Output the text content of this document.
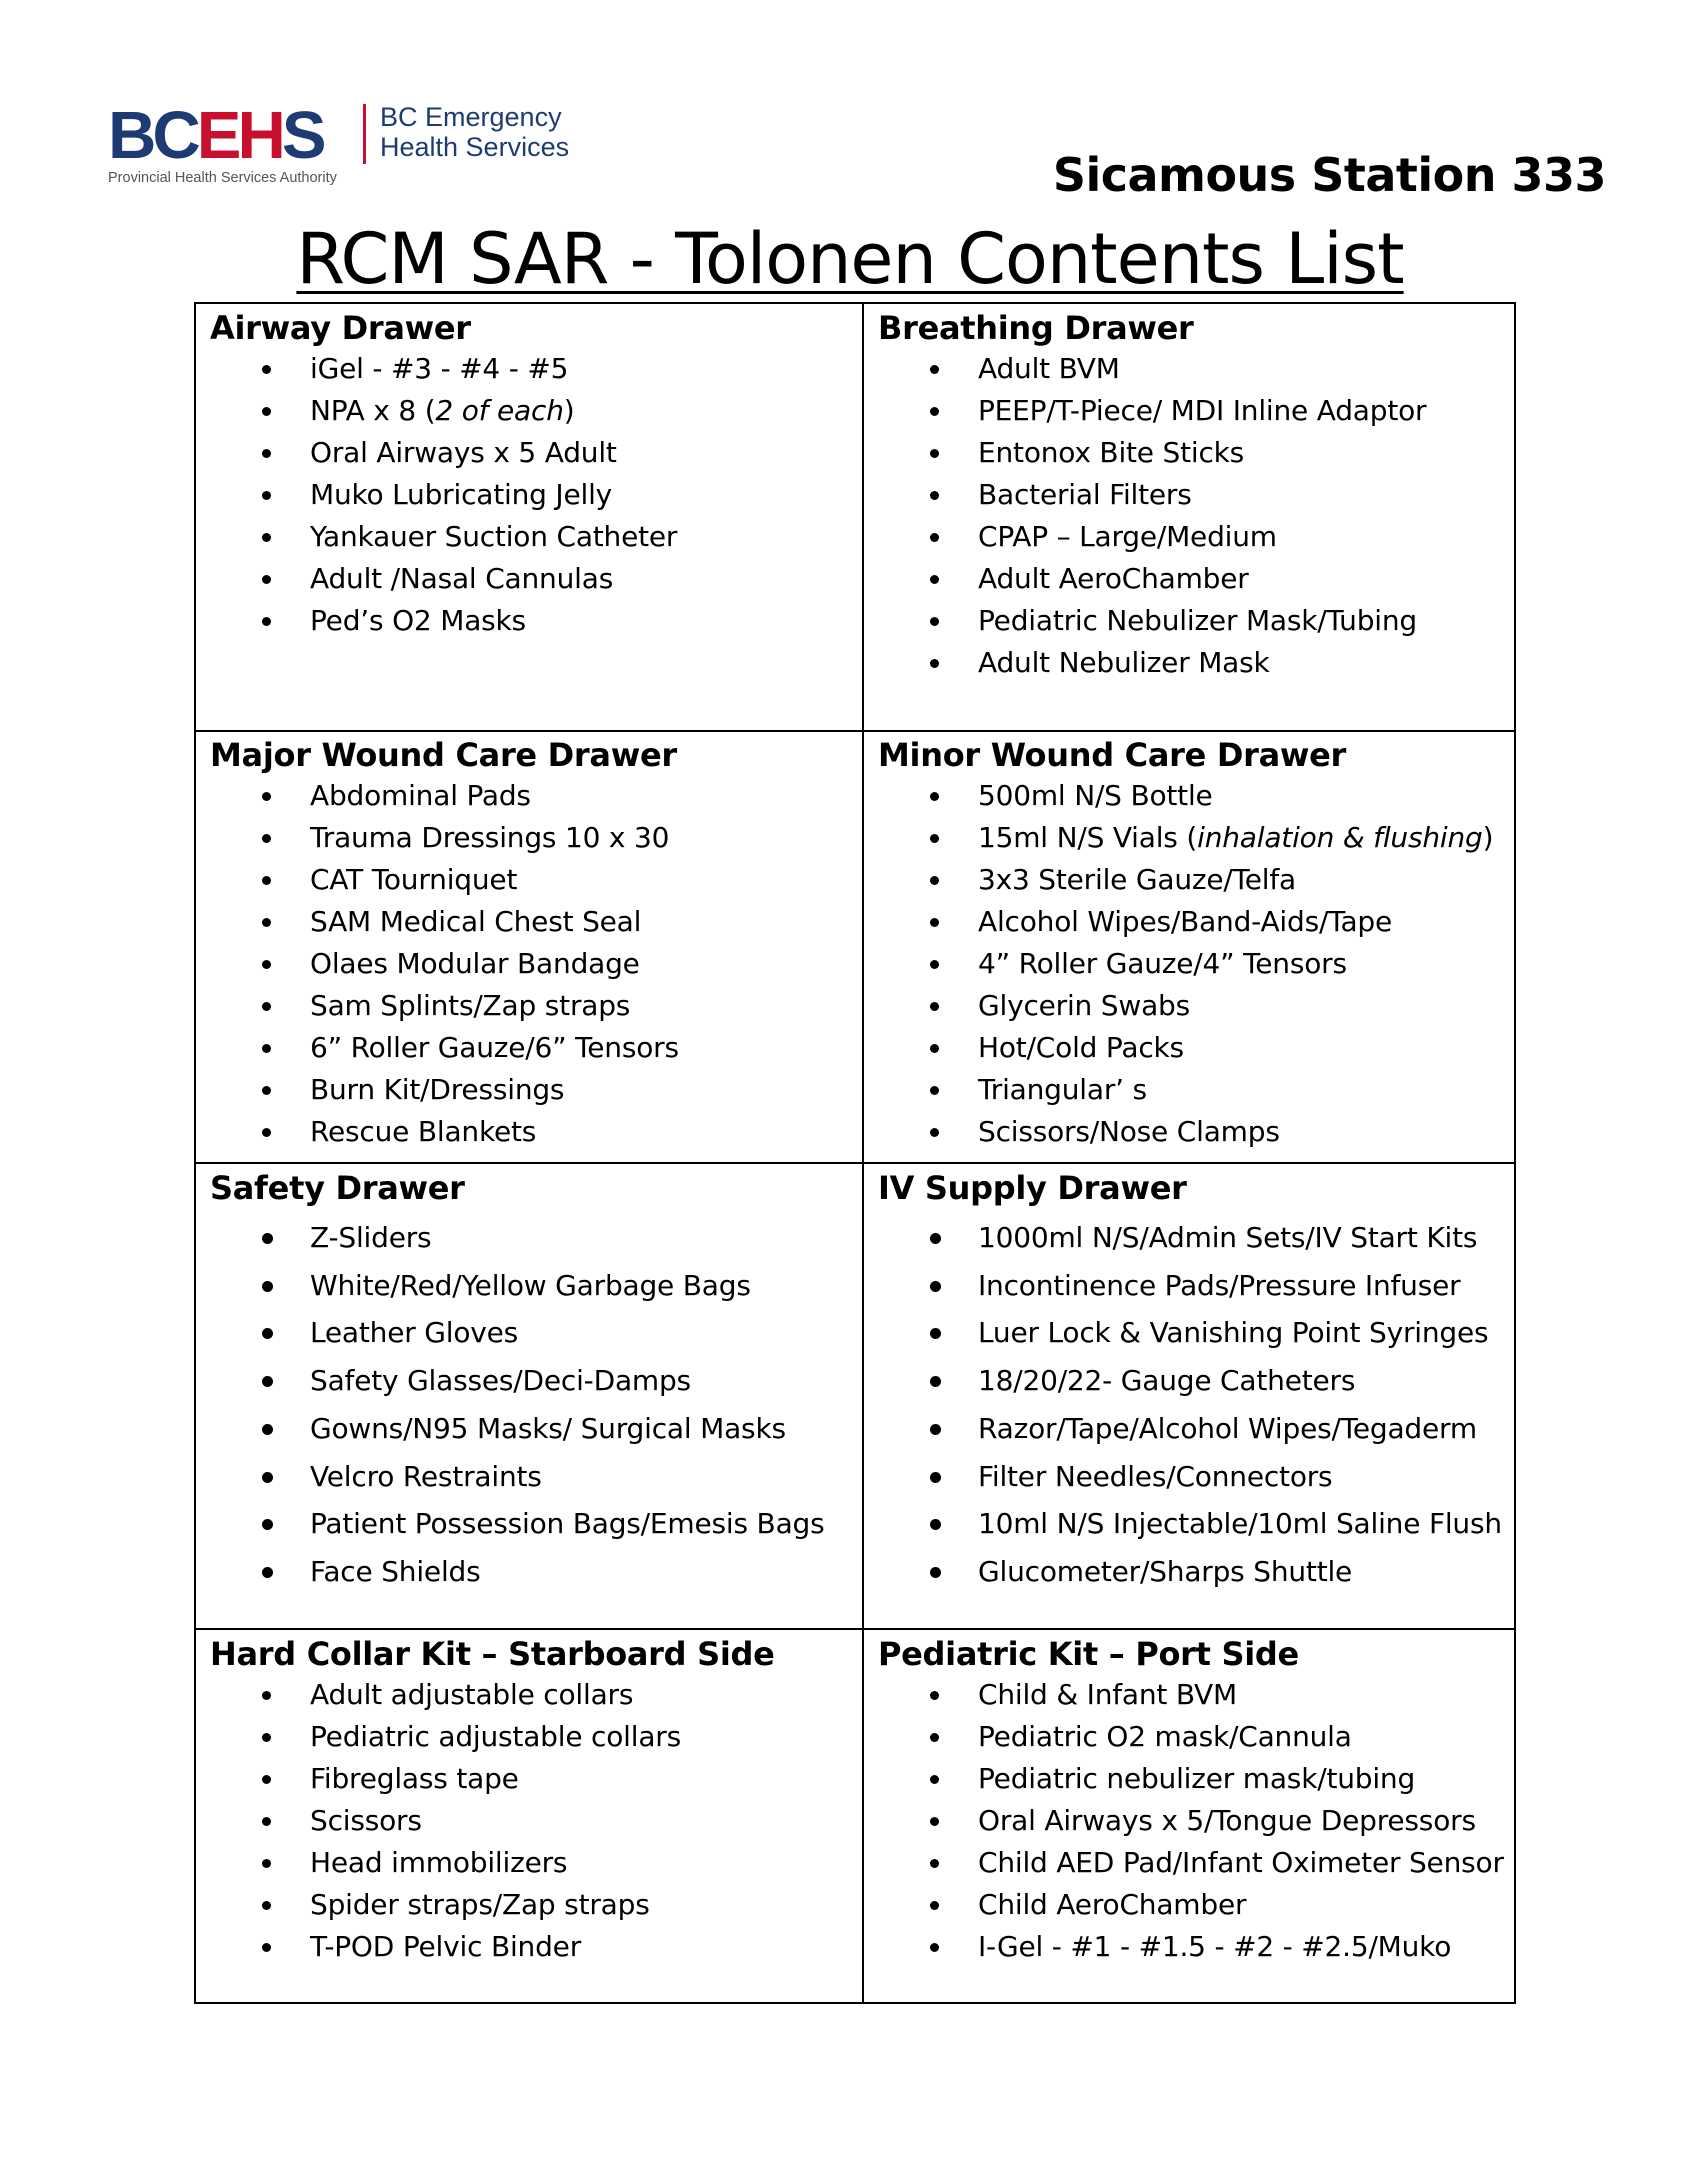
BCEHS BC Emergency
Health Services
Provincial Health Services Authority	Sicamous Station 333
RCM SAR - Tolonen Contents List
Airway Drawer
iGel - #3 - #4 - #5
NPA x 8 (2 of each)
Oral Airways x 5 Adult
Muko Lubricating Jelly
Yankauer Suction Catheter
Adult /Nasal Cannulas
Ped’s O2 Masks
Breathing Drawer
Adult BVM
PEEP/T-Piece/ MDI Inline Adaptor
Entonox Bite Sticks
Bacterial Filters
CPAP – Large/Medium
Adult AeroChamber
Pediatric Nebulizer Mask/Tubing
Adult Nebulizer Mask
Major Wound Care Drawer
Abdominal Pads
Trauma Dressings 10 x 30
CAT Tourniquet
SAM Medical Chest Seal
Olaes Modular Bandage
Sam Splints/Zap straps
6” Roller Gauze/6” Tensors
Burn Kit/Dressings
Rescue Blankets
Minor Wound Care Drawer
500ml N/S Bottle
15ml N/S Vials (inhalation & flushing)
3x3 Sterile Gauze/Telfa
Alcohol Wipes/Band-Aids/Tape
4” Roller Gauze/4” Tensors
Glycerin Swabs
Hot/Cold Packs
Triangular’ s
Scissors/Nose Clamps
Safety Drawer
Z-Sliders
White/Red/Yellow Garbage Bags
Leather Gloves
Safety Glasses/Deci-Damps
Gowns/N95 Masks/ Surgical Masks
Velcro Restraints
Patient Possession Bags/Emesis Bags
Face Shields
IV Supply Drawer
1000ml N/S/Admin Sets/IV Start Kits
Incontinence Pads/Pressure Infuser
Luer Lock & Vanishing Point Syringes
18/20/22- Gauge Catheters
Razor/Tape/Alcohol Wipes/Tegaderm
Filter Needles/Connectors
10ml N/S Injectable/10ml Saline Flush
Glucometer/Sharps Shuttle
Hard Collar Kit – Starboard Side
Adult adjustable collars
Pediatric adjustable collars
Fibreglass tape
Scissors
Head immobilizers
Spider straps/Zap straps
T-POD Pelvic Binder
Pediatric Kit – Port Side
Child & Infant BVM
Pediatric O2 mask/Cannula
Pediatric nebulizer mask/tubing
Oral Airways x 5/Tongue Depressors
Child AED Pad/Infant Oximeter Sensor
Child AeroChamber
I-Gel - #1 - #1.5 - #2 - #2.5/Muko
